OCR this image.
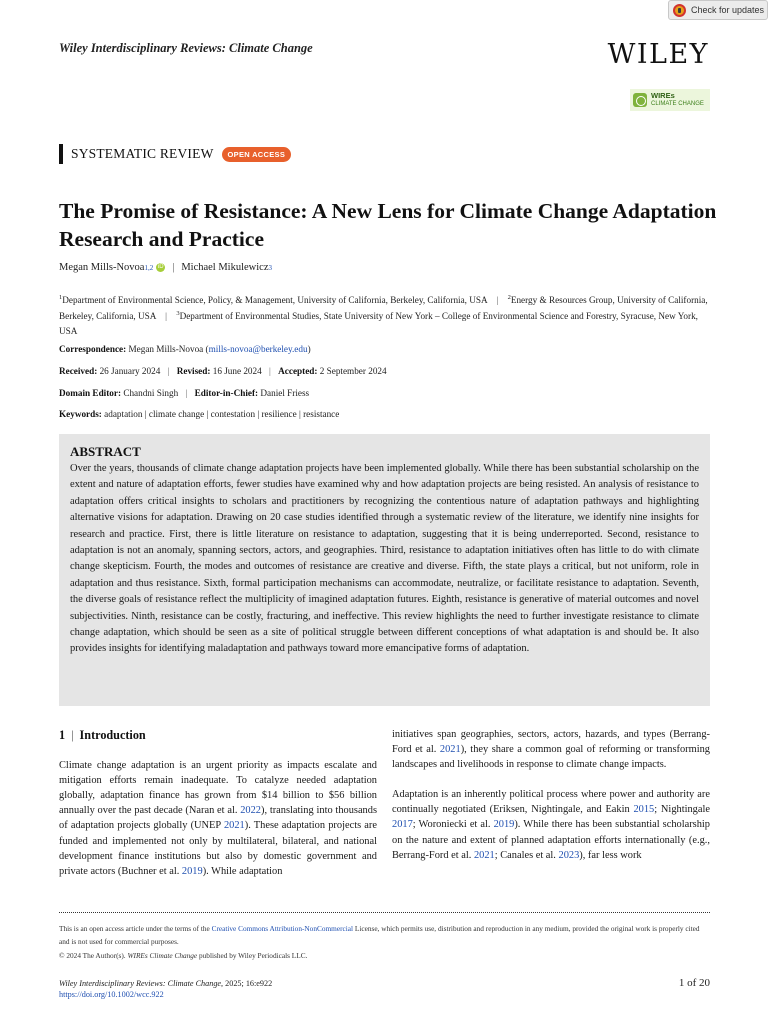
Check for updates
Wiley Interdisciplinary Reviews: Climate Change	WILEY
WIREs
CLIMATE CHANGE
SYSTEMATIC REVIEW	OPEN ACCESS
The Promise of Resistance: A New Lens for Climate Change Adaptation Research and Practice
Megan Mills-Novoa 1,2 iD | Michael Mikulewicz 3
$^1$Department of Environmental Science, Policy, & Management, University of California, Berkeley, California, USA | $^2$Energy & Resources Group, University of California, Berkeley, California, USA | $^3$Department of Environmental Studies, State University of New York – College of Environmental Science and Forestry, Syracuse, New York, USA
Correspondence: Megan Mills-Novoa (mills-novoa@berkeley.edu)
Received: 26 January 2024 | Revised: 16 June 2024 | Accepted: 2 September 2024
Domain Editor: Chandni Singh | Editor-in-Chief: Daniel Friess
Keywords: adaptation | climate change | contestation | resilience | resistance
ABSTRACT

Over the years, thousands of climate change adaptation projects have been implemented globally. While there has been substantial scholarship on the extent and nature of adaptation efforts, fewer studies have examined why and how adaptation projects are being resisted. An analysis of resistance to adaptation offers critical insights to scholars and practitioners by recognizing the contentious nature of adaptation pathways and highlighting alternative visions for adaptation. Drawing on 20 case studies identified through a systematic review of the literature, we identify nine insights for research and practice. First, there is little literature on resistance to adaptation, suggesting that it is being underreported. Second, resistance to adaptation is not an anomaly, spanning sectors, actors, and geographies. Third, resistance to adaptation initiatives often has little to do with climate change skepticism. Fourth, the modes and outcomes of resistance are creative and diverse. Fifth, the state plays a critical, but not uniform, role in adaptation and thus resistance. Sixth, formal participation mechanisms can accommodate, neutralize, or facilitate resistance to adaptation. Seventh, the diverse goals of resistance reflect the multiplicity of imagined adaptation futures. Eighth, resistance is generative of material outcomes and novel subjectivities. Ninth, resistance can be costly, fracturing, and ineffective. This review highlights the need to further investigate resistance to climate change adaptation, which should be seen as a site of political struggle between different conceptions of what adaptation is and should be. It also provides insights for identifying maladaptation and pathways toward more emancipative forms of adaptation.

1 | Introduction

Climate change adaptation is an urgent priority as impacts escalate and mitigation efforts remain inadequate. To catalyze needed adaptation globally, adaptation finance has grown from $14 billion to $56 billion annually over the past decade (Naran et al. 2022), translating into thousands of adaptation projects globally (UNEP 2021). These adaptation projects are funded and implemented not only by multilateral, bilateral, and national development finance institutions but also by domestic government and private actors (Buchner et al. 2019). While adaptation

initiatives span geographies, sectors, actors, hazards, and types (Berrang-Ford et al. 2021), they share a common goal of reforming or transforming landscapes and livelihoods in response to climate change impacts.

Adaptation is an inherently political process where power and authority are continually negotiated (Eriksen, Nightingale, and Eakin 2015; Nightingale 2017; Woroniecki et al. 2019). While there has been substantial scholarship on the nature and extent of planned adaptation efforts internationally (e.g., Berrang-Ford et al. 2021; Canales et al. 2023), far less work

This is an open access article under the terms of the Creative Commons Attribution-NonCommercial License, which permits use, distribution and reproduction in any medium, provided the original work is properly cited and is not used for commercial purposes.
© 2024 The Author(s). WIREs Climate Change published by Wiley Periodicals LLC.
Wiley Interdisciplinary Reviews: Climate Change, 2025; 16:e922
https://doi.org/10.1002/wcc.922
1 of 20
